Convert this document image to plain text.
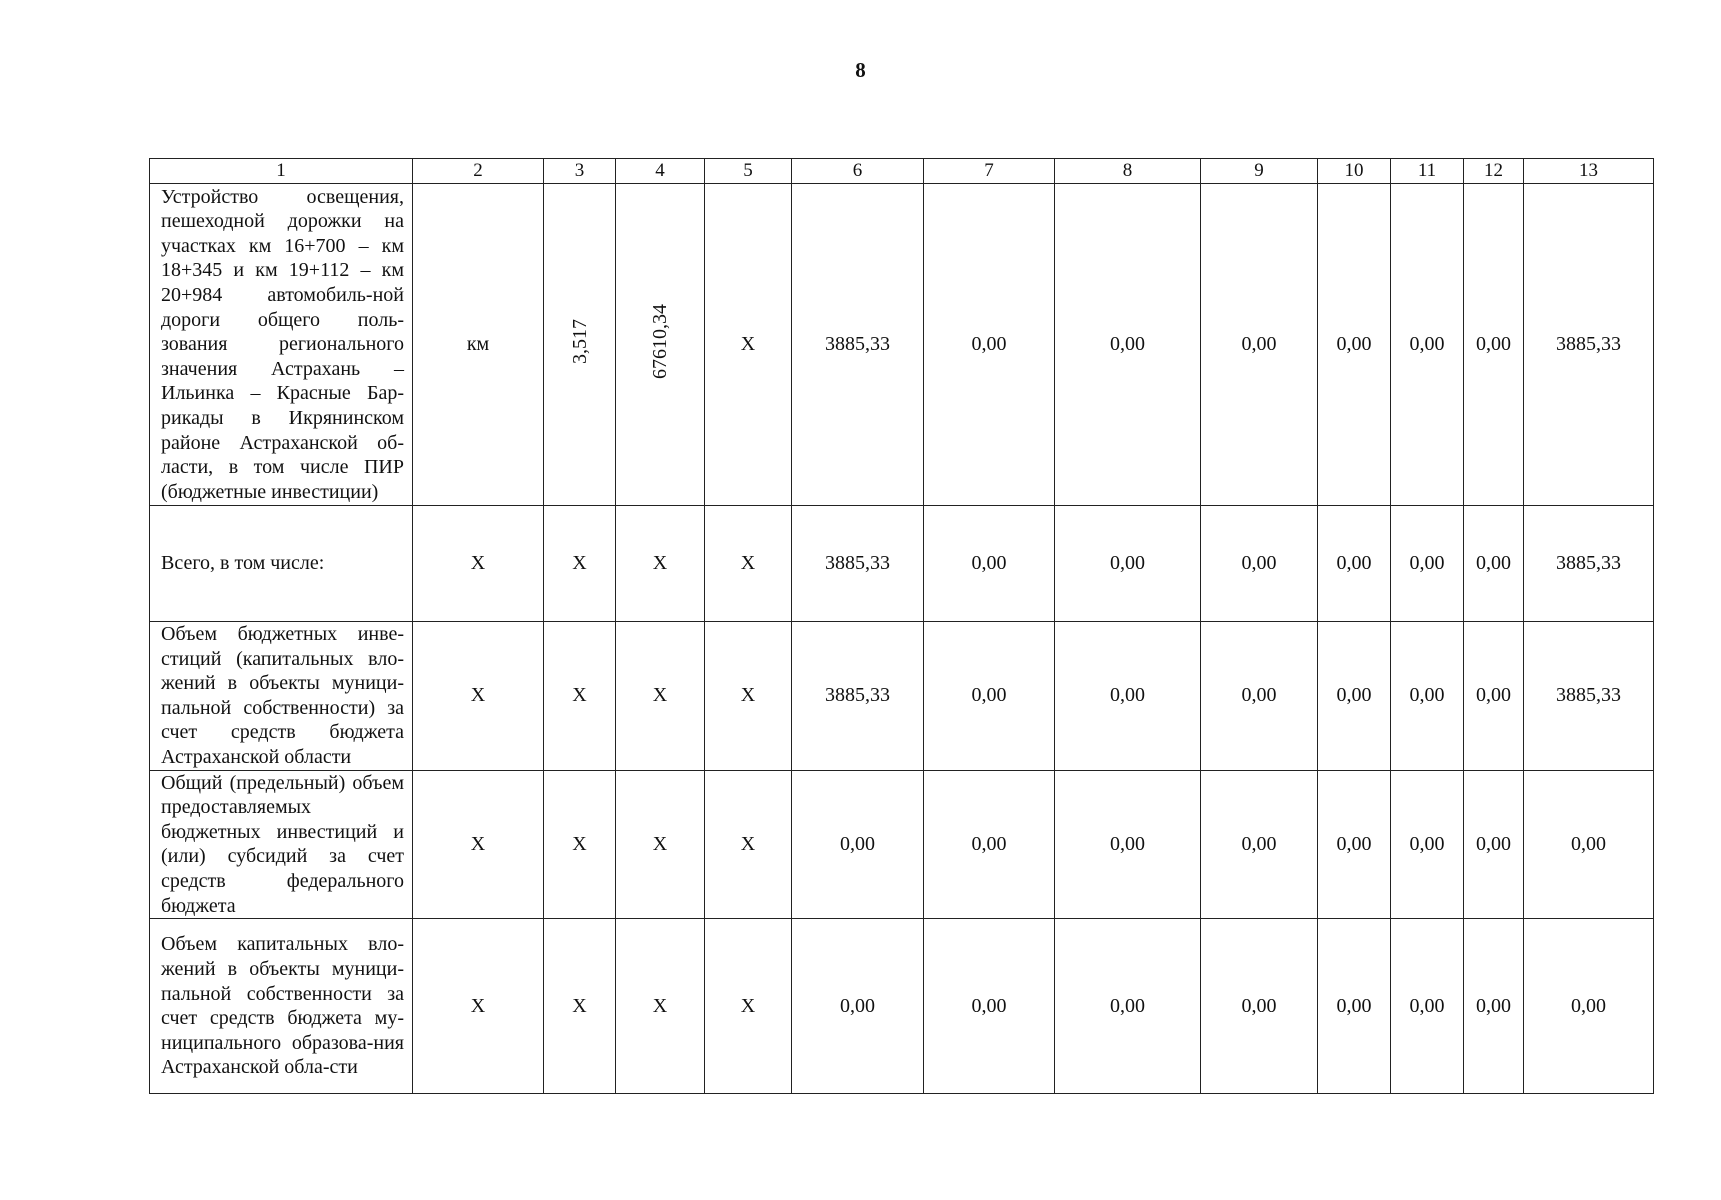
8
1	2	3	4	5	6	7	8	9	10	11	12	13
Устройство освещения, пешеходной дорожки на участках км 16+700 – км 18+345 и км 19+112 – км 20+984 автомобиль-ной дороги общего поль-зования регионального значения Астрахань – Ильинка – Красные Бар-рикады в Икрянинском районе Астраханской об-ласти, в том числе ПИР (бюджетные инвестиции)	км	3,517	67610,34	X	3885,33	0,00	0,00	0,00	0,00	0,00	0,00	3885,33
Всего, в том числе:	X	X	X	X	3885,33	0,00	0,00	0,00	0,00	0,00	0,00	3885,33
Объем бюджетных инве-стиций (капитальных вло-жений в объекты муници-пальной собственности) за счет средств бюджета Астраханской области	X	X	X	X	3885,33	0,00	0,00	0,00	0,00	0,00	0,00	3885,33
Общий (предельный) объем предоставляемых бюджетных инвестиций и (или) субсидий за счет средств федерального бюджета	X	X	X	X	0,00	0,00	0,00	0,00	0,00	0,00	0,00	0,00
Объем капитальных вло-жений в объекты муници-пальной собственности за счет средств бюджета му-ниципального образова-ния Астраханской обла-сти	X	X	X	X	0,00	0,00	0,00	0,00	0,00	0,00	0,00	0,00
